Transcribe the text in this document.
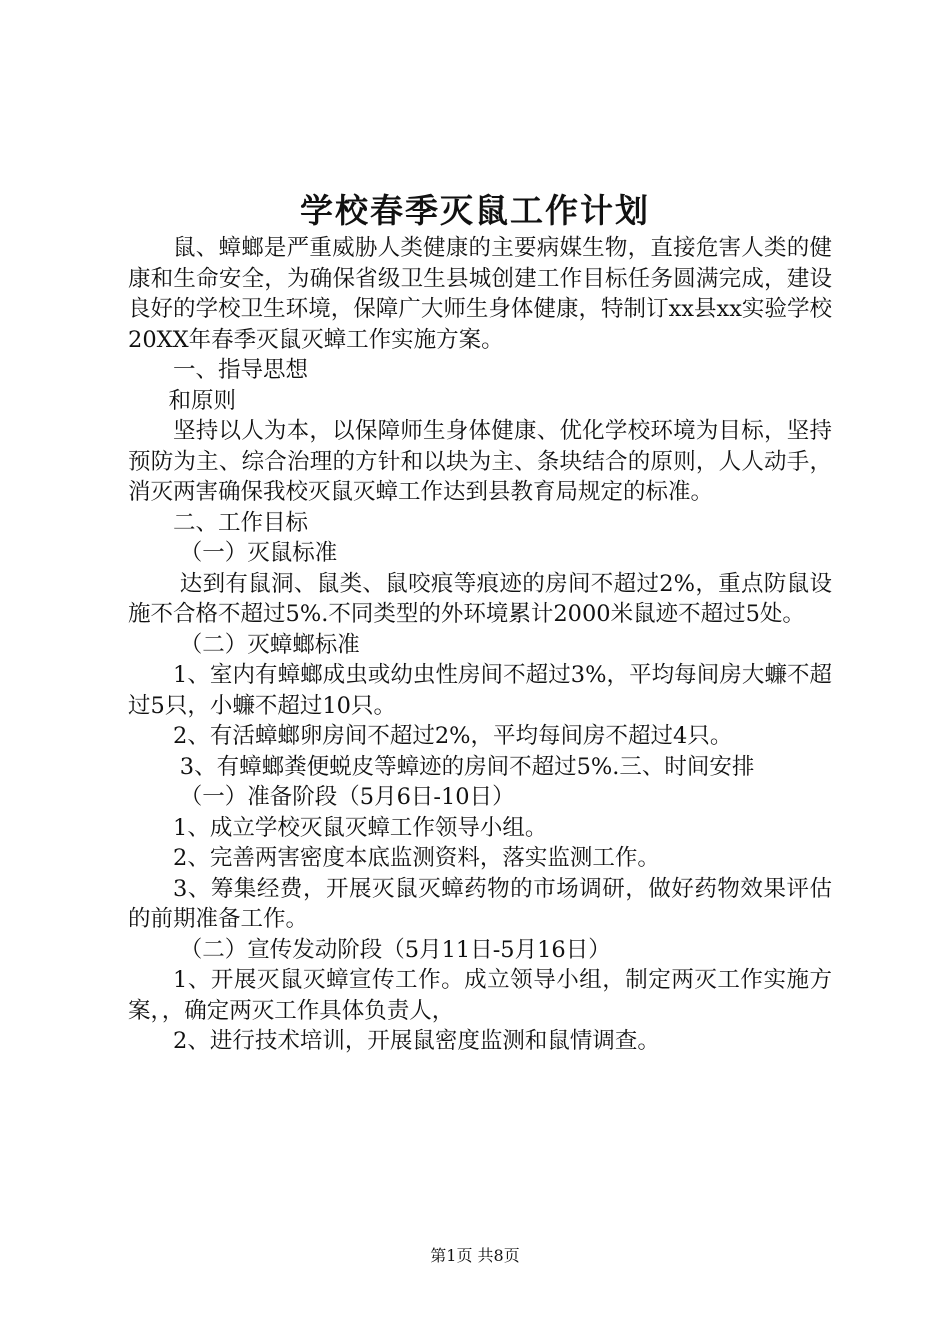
学校春季灭鼠工作计划

鼠、蟑螂是严重威胁人类健康的主要病媒生物，直接危害人类的健康和生命安全，为确保省级卫生县城创建工作目标任务圆满完成，建设良好的学校卫生环境，保障广大师生身体健康，特制订xx县xx实验学校20XX年春季灭鼠灭蟑工作实施方案。

一、指导思想

和原则

坚持以人为本，以保障师生身体健康、优化学校环境为目标，坚持预防为主、综合治理的方针和以块为主、条块结合的原则，人人动手，消灭两害确保我校灭鼠灭蟑工作达到县教育局规定的标准。

二、工作目标

（一）灭鼠标准

达到有鼠洞、鼠类、鼠咬痕等痕迹的房间不超过2%，重点防鼠设施不合格不超过5%.不同类型的外环境累计2000米鼠迹不超过5处。

（二）灭蟑螂标准

1、室内有蟑螂成虫或幼虫性房间不超过3%，平均每间房大蠊不超过5只，小蠊不超过10只。

2、有活蟑螂卵房间不超过2%，平均每间房不超过4只。

3、有蟑螂粪便蜕皮等蟑迹的房间不超过5%.三、时间安排

（一）准备阶段（5月6日-10日）

1、成立学校灭鼠灭蟑工作领导小组。

2、完善两害密度本底监测资料，落实监测工作。

3、筹集经费，开展灭鼠灭蟑药物的市场调研，做好药物效果评估的前期准备工作。

（二）宣传发动阶段（5月11日-5月16日）

1、开展灭鼠灭蟑宣传工作。成立领导小组，制定两灭工作实施方案，，确定两灭工作具体负责人，

2、进行技术培训，开展鼠密度监测和鼠情调查。

第1页 共8页
